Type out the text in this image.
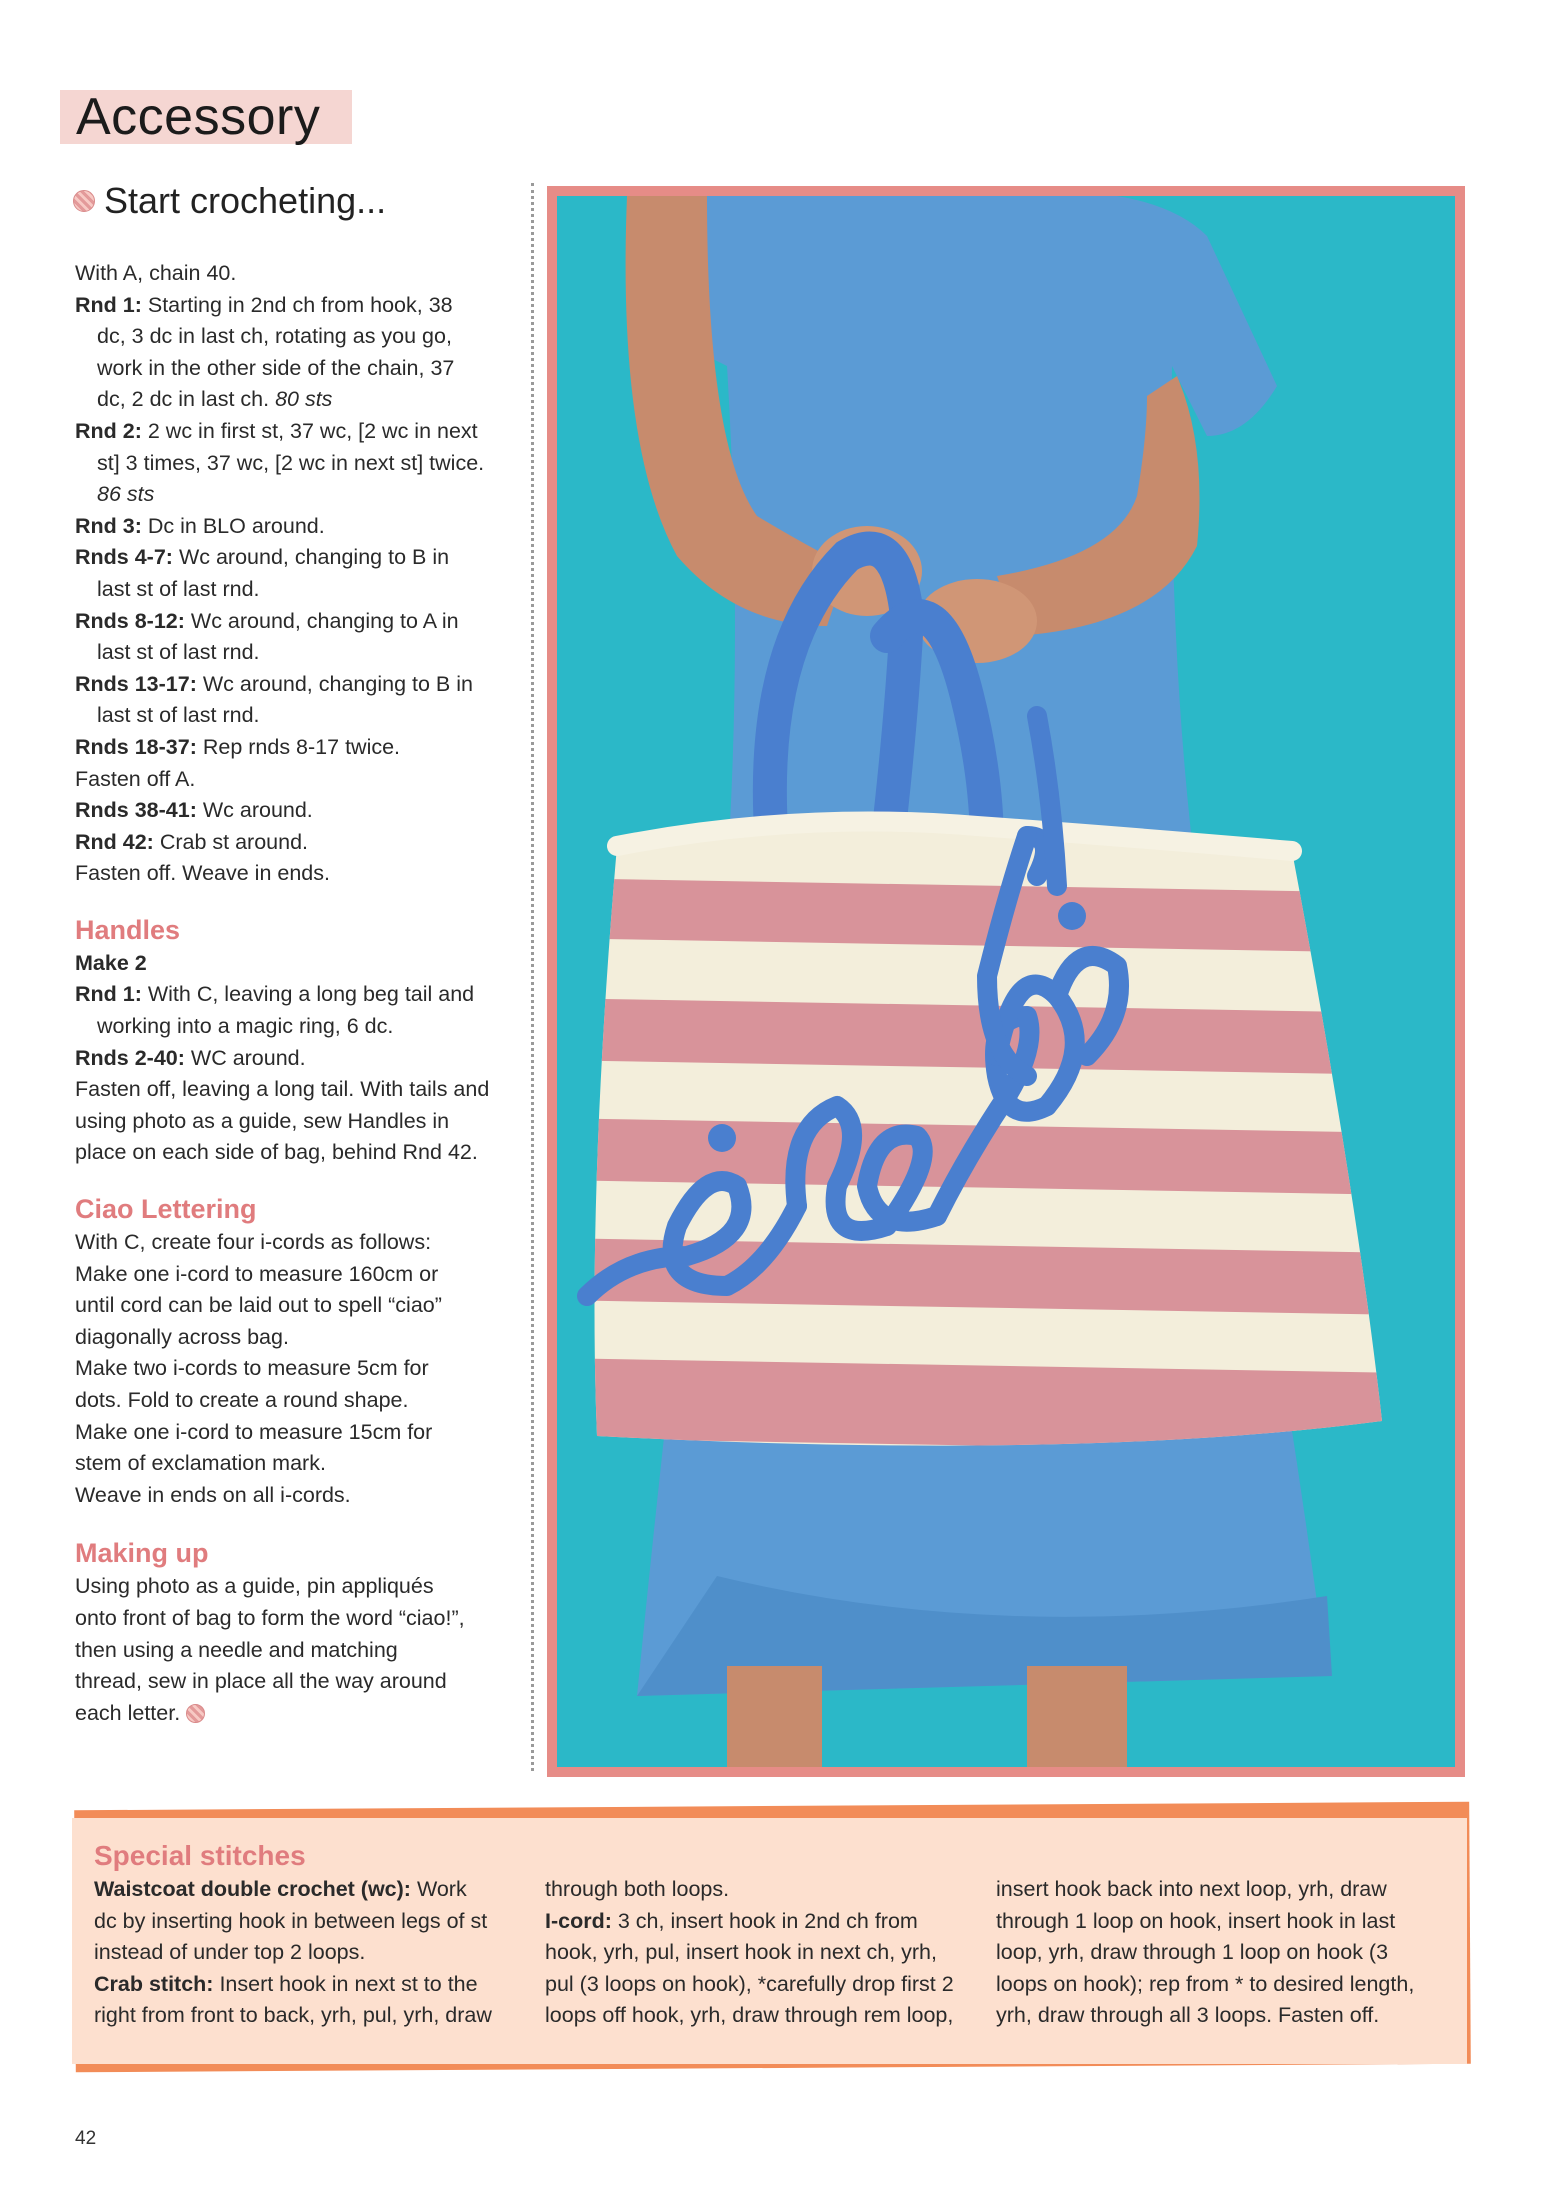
Accessory
Start crocheting...
With A, chain 40.
Rnd 1: Starting in 2nd ch from hook, 38
dc, 3 dc in last ch, rotating as you go,
work in the other side of the chain, 37
dc, 2 dc in last ch. 80 sts
Rnd 2: 2 wc in first st, 37 wc, [2 wc in next
st] 3 times, 37 wc, [2 wc in next st] twice.
86 sts
Rnd 3: Dc in BLO around.
Rnds 4-7: Wc around, changing to B in
last st of last rnd.
Rnds 8-12: Wc around, changing to A in
last st of last rnd.
Rnds 13-17: Wc around, changing to B in
last st of last rnd.
Rnds 18-37: Rep rnds 8-17 twice.
Fasten off A.
Rnds 38-41: Wc around.
Rnd 42: Crab st around.
Fasten off. Weave in ends.
Handles
Make 2
Rnd 1: With C, leaving a long beg tail and
working into a magic ring, 6 dc.
Rnds 2-40: WC around.
Fasten off, leaving a long tail. With tails and
using photo as a guide, sew Handles in
place on each side of bag, behind Rnd 42.
Ciao Lettering
With C, create four i-cords as follows:
Make one i-cord to measure 160cm or
until cord can be laid out to spell “ciao”
diagonally across bag.
Make two i-cords to measure 5cm for
dots. Fold to create a round shape.
Make one i-cord to measure 15cm for
stem of exclamation mark.
Weave in ends on all i-cords.
Making up
Using photo as a guide, pin appliqués
onto front of bag to form the word “ciao!”,
then using a needle and matching
thread, sew in place all the way around
each letter.
Special stitches
Waistcoat double crochet (wc): Work
dc by inserting hook in between legs of st
instead of under top 2 loops.
Crab stitch: Insert hook in next st to the
right from front to back, yrh, pul, yrh, draw
through both loops.
I-cord: 3 ch, insert hook in 2nd ch from
hook, yrh, pul, insert hook in next ch, yrh,
pul (3 loops on hook), *carefully drop first 2
loops off hook, yrh, draw through rem loop,
insert hook back into next loop, yrh, draw
through 1 loop on hook, insert hook in last
loop, yrh, draw through 1 loop on hook (3
loops on hook); rep from * to desired length,
yrh, draw through all 3 loops. Fasten off.
42
